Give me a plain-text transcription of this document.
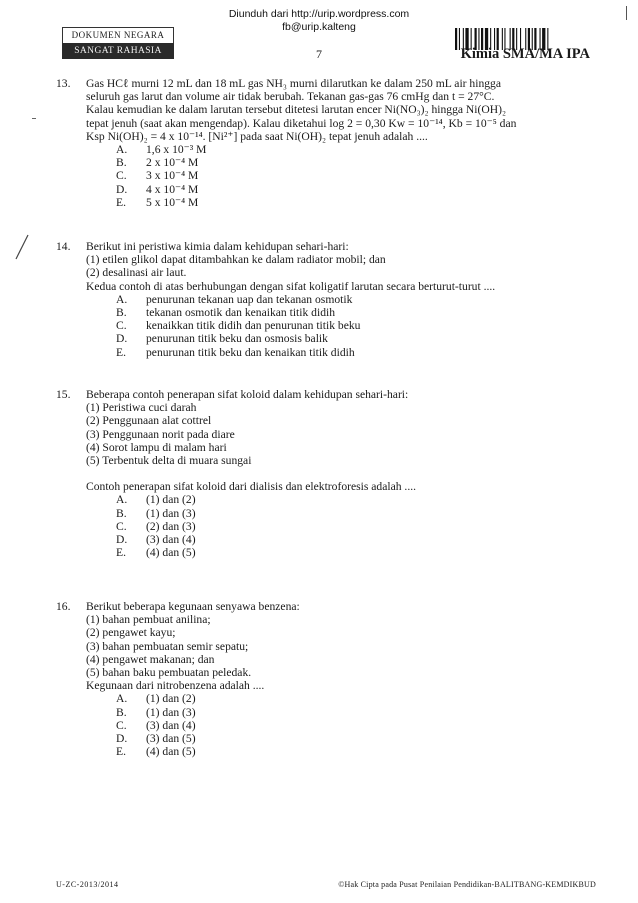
Diunduh dari http://urip.wordpress.com
fb@urip.kalteng
DOKUMEN NEGARA
SANGAT RAHASIA	7	Kimia SMA/MA IPA
13. Gas HCℓ murni 12 mL dan 18 mL gas NH₃ murni dilarutkan ke dalam 250 mL air hingga

seluruh gas larut dan volume air tidak berubah. Tekanan gas-gas 76 cmHg dan t = 27°C.

Kalau kemudian ke dalam larutan tersebut ditetesi larutan encer Ni(NO₃)₂ hingga Ni(OH)₂

tepat jenuh (saat akan mengendap). Kalau diketahui log 2 = 0,30 Kw = 10⁻¹⁴, Kb = 10⁻⁵ dan

Ksp Ni(OH)₂ = 4 x 10⁻¹⁴. [Ni²⁺] pada saat Ni(OH)₂ tepat jenuh adalah ....

A.	1,6 x 10⁻³ M
B.	2 x 10⁻⁴ M
C.	3 x 10⁻⁴ M
D.	4 x 10⁻⁴ M
E.	5 x 10⁻⁴ M
14. Berikut ini peristiwa kimia dalam kehidupan sehari-hari:

(1) etilen glikol dapat ditambahkan ke dalam radiator mobil; dan

(2) desalinasi air laut.

Kedua contoh di atas berhubungan dengan sifat koligatif larutan secara berturut-turut ....

A.	penurunan tekanan uap dan tekanan osmotik
B.	tekanan osmotik dan kenaikan titik didih
C.	kenaikkan titik didih dan penurunan titik beku
D.	penurunan titik beku dan osmosis balik
E.	penurunan titik beku dan kenaikan titik didih
15. Beberapa contoh penerapan sifat koloid dalam kehidupan sehari-hari:

(1) Peristiwa cuci darah

(2) Penggunaan alat cottrel

(3) Penggunaan norit pada diare

(4) Sorot lampu di malam hari

(5) Terbentuk delta di muara sungai

Contoh penerapan sifat koloid dari dialisis dan elektroforesis adalah ....

A.	(1) dan (2)
B.	(1) dan (3)
C.	(2) dan (3)
D.	(3) dan (4)
E.	(4) dan (5)
16. Berikut beberapa kegunaan senyawa benzena:

(1) bahan pembuat anilina;

(2) pengawet kayu;

(3) bahan pembuatan semir sepatu;

(4) pengawet makanan; dan

(5) bahan baku pembuatan peledak.

Kegunaan dari nitrobenzena adalah ....

A.	(1) dan (2)
B.	(1) dan (3)
C.	(3) dan (4)
D.	(3) dan (5)
E.	(4) dan (5)
U-ZC-2013/2014	©Hak Cipta pada Pusat Penilaian Pendidikan-BALITBANG-KEMDIKBUD
